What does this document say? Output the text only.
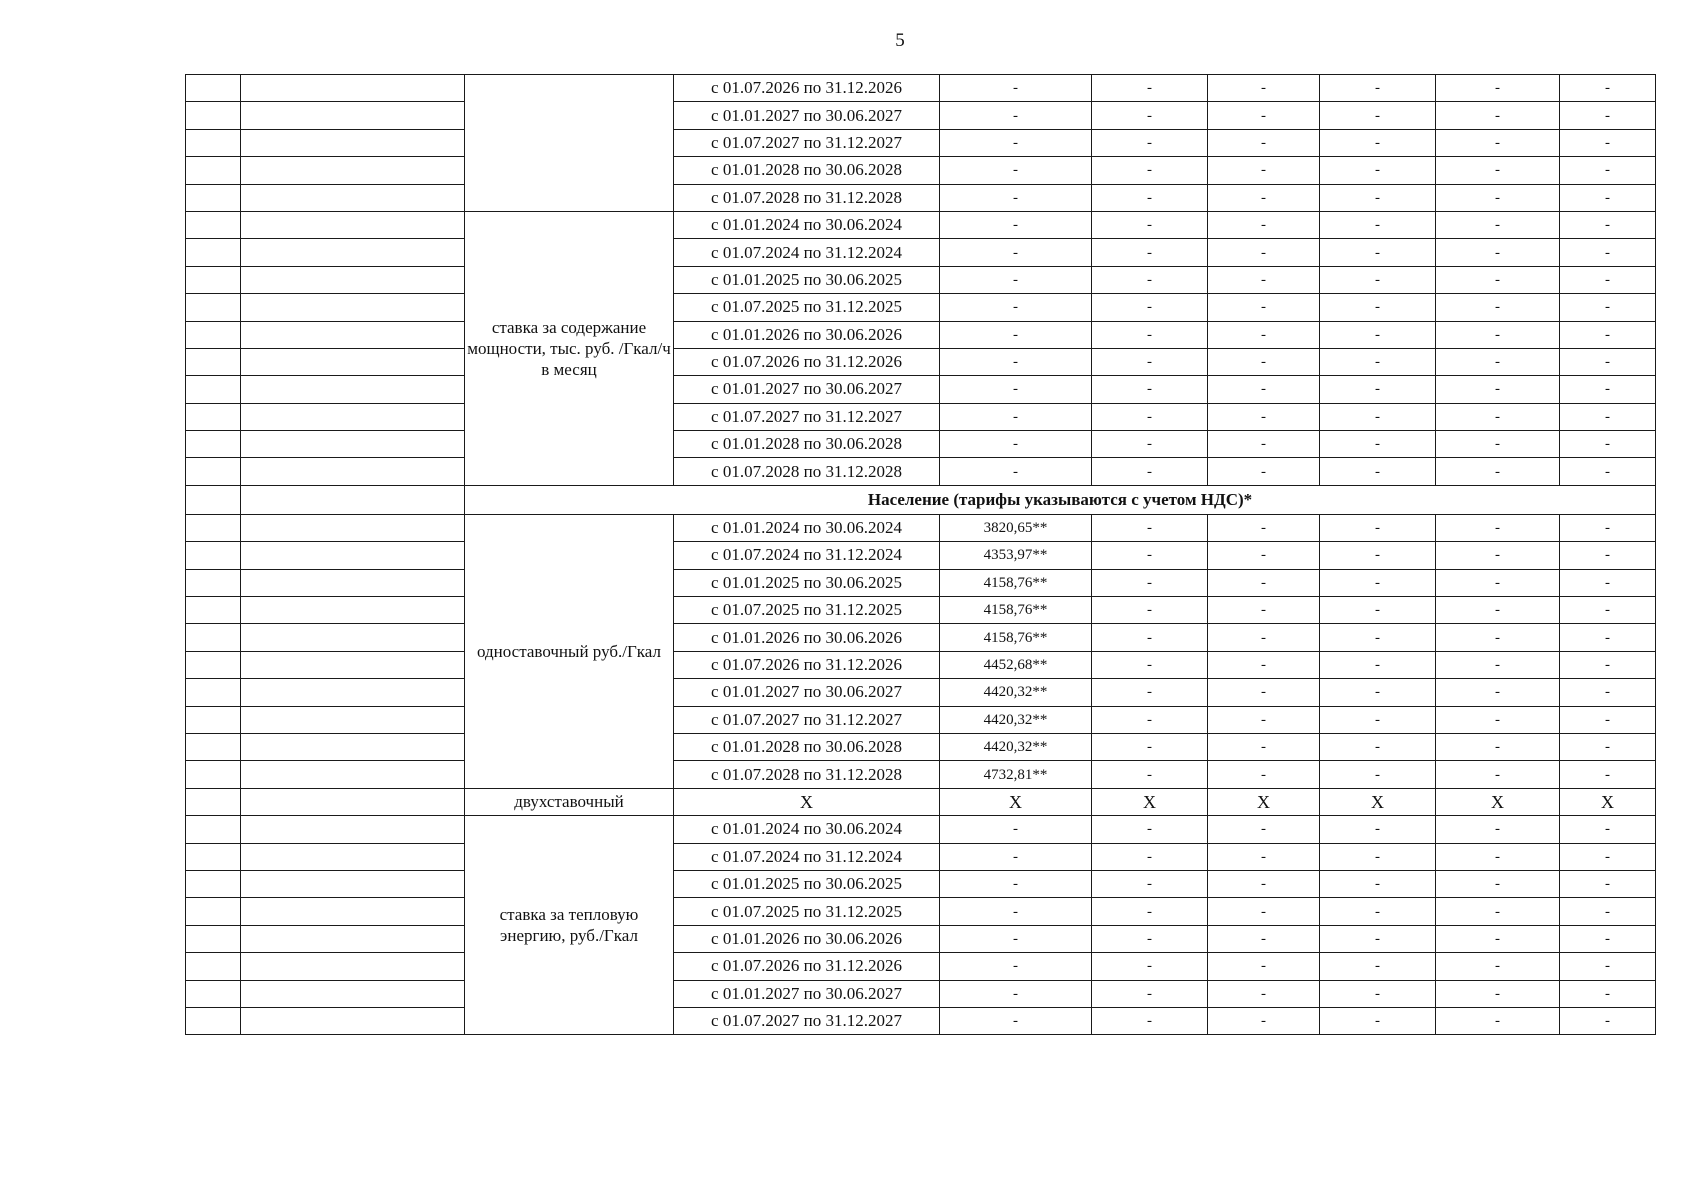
5
			с 01.07.2026 по 31.12.2026	-	-	-	-	-	-
			с 01.01.2027 по 30.06.2027	-	-	-	-	-	-
			с 01.07.2027 по 31.12.2027	-	-	-	-	-	-
			с 01.01.2028 по 30.06.2028	-	-	-	-	-	-
			с 01.07.2028 по 31.12.2028	-	-	-	-	-	-
		ставка за содержание мощности, тыс. руб. /Гкал/ч в месяц	с 01.01.2024 по 30.06.2024	-	-	-	-	-	-
			с 01.07.2024 по 31.12.2024	-	-	-	-	-	-
			с 01.01.2025 по 30.06.2025	-	-	-	-	-	-
			с 01.07.2025 по 31.12.2025	-	-	-	-	-	-
			с 01.01.2026 по 30.06.2026	-	-	-	-	-	-
			с 01.07.2026 по 31.12.2026	-	-	-	-	-	-
			с 01.01.2027 по 30.06.2027	-	-	-	-	-	-
			с 01.07.2027 по 31.12.2027	-	-	-	-	-	-
			с 01.01.2028 по 30.06.2028	-	-	-	-	-	-
			с 01.07.2028 по 31.12.2028	-	-	-	-	-	-
		Население (тарифы указываются с учетом НДС)*							
		одноставочный руб./Гкал	с 01.01.2024 по 30.06.2024	3820,65**	-	-	-	-	-
			с 01.07.2024 по 31.12.2024	4353,97**	-	-	-	-	-
			с 01.01.2025 по 30.06.2025	4158,76**	-	-	-	-	-
			с 01.07.2025 по 31.12.2025	4158,76**	-	-	-	-	-
			с 01.01.2026 по 30.06.2026	4158,76**	-	-	-	-	-
			с 01.07.2026 по 31.12.2026	4452,68**	-	-	-	-	-
			с 01.01.2027 по 30.06.2027	4420,32**	-	-	-	-	-
			с 01.07.2027 по 31.12.2027	4420,32**	-	-	-	-	-
			с 01.01.2028 по 30.06.2028	4420,32**	-	-	-	-	-
			с 01.07.2028 по 31.12.2028	4732,81**	-	-	-	-	-
		двухставочный	Х	Х	Х	Х	Х	Х	Х
		ставка за тепловую энергию, руб./Гкал	с 01.01.2024 по 30.06.2024	-	-	-	-	-	-
			с 01.07.2024 по 31.12.2024	-	-	-	-	-	-
			с 01.01.2025 по 30.06.2025	-	-	-	-	-	-
			с 01.07.2025 по 31.12.2025	-	-	-	-	-	-
			с 01.01.2026 по 30.06.2026	-	-	-	-	-	-
			с 01.07.2026 по 31.12.2026	-	-	-	-	-	-
			с 01.01.2027 по 30.06.2027	-	-	-	-	-	-
			с 01.07.2027 по 31.12.2027	-	-	-	-	-	-
